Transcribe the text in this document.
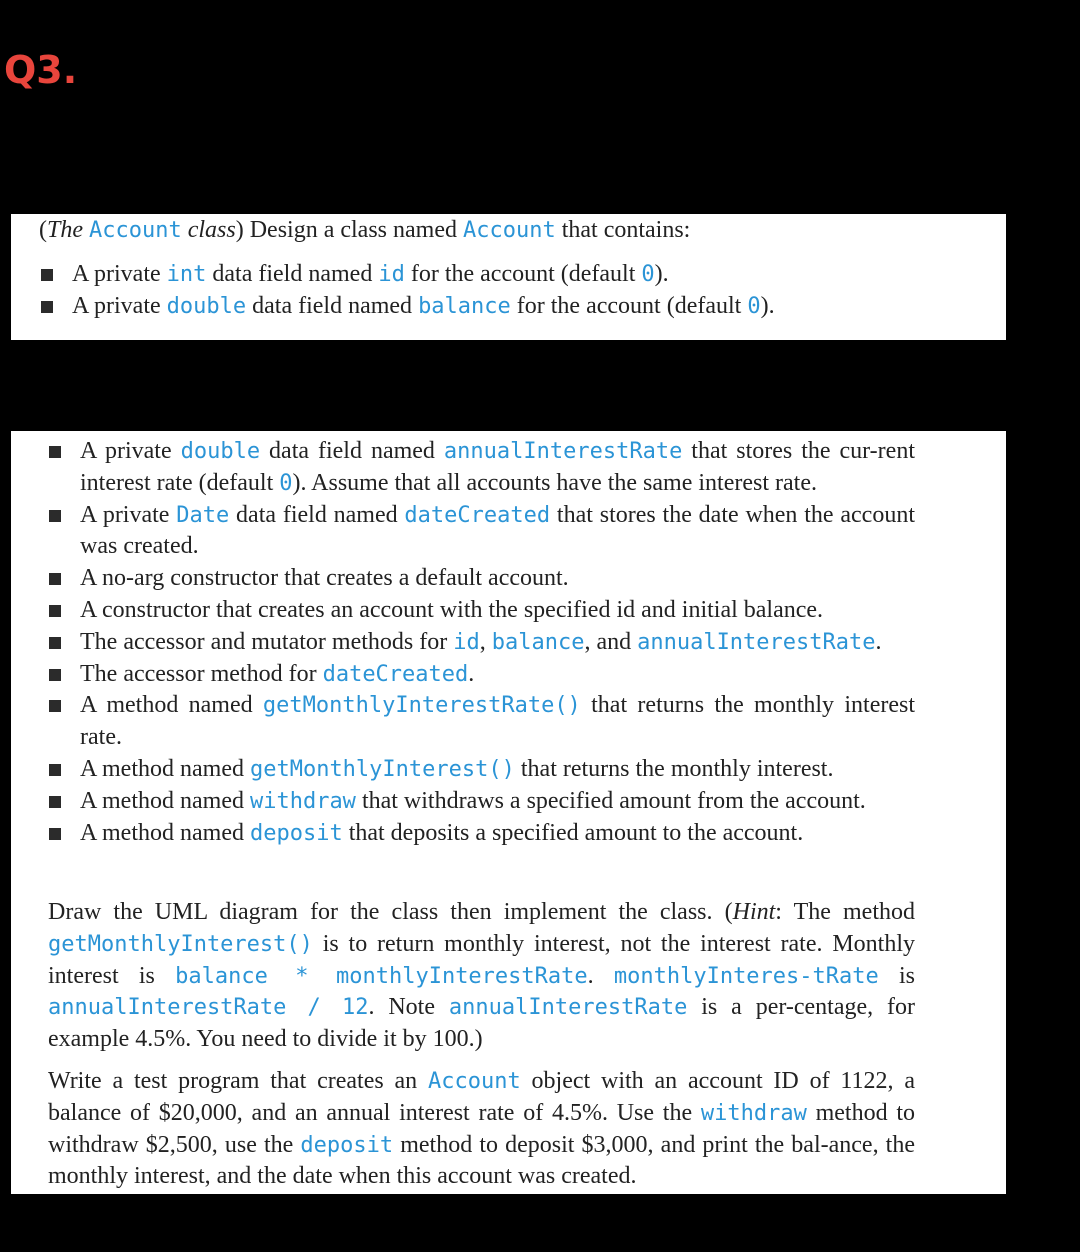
Q3.
(The Account class) Design a class named Account that contains:
A private int data field named id for the account (default 0).
A private double data field named balance for the account (default 0).
A private double data field named annualInterestRate that stores the cur-rent interest rate (default 0). Assume that all accounts have the same interest rate.
A private Date data field named dateCreated that stores the date when the account was created.
A no-arg constructor that creates a default account.
A constructor that creates an account with the specified id and initial balance.
The accessor and mutator methods for id, balance, and annualInterestRate.
The accessor method for dateCreated.
A method named getMonthlyInterestRate() that returns the monthly interest rate.
A method named getMonthlyInterest() that returns the monthly interest.
A method named withdraw that withdraws a specified amount from the account.
A method named deposit that deposits a specified amount to the account.
Draw the UML diagram for the class then implement the class. (Hint: The method getMonthlyInterest() is to return monthly interest, not the interest rate. Monthly interest is balance * monthlyInterestRate. monthlyInteres-tRate is annualInterestRate / 12. Note annualInterestRate is a per-centage, for example 4.5%. You need to divide it by 100.)
Write a test program that creates an Account object with an account ID of 1122, a balance of $20,000, and an annual interest rate of 4.5%. Use the withdraw method to withdraw $2,500, use the deposit method to deposit $3,000, and print the bal-ance, the monthly interest, and the date when this account was created.
